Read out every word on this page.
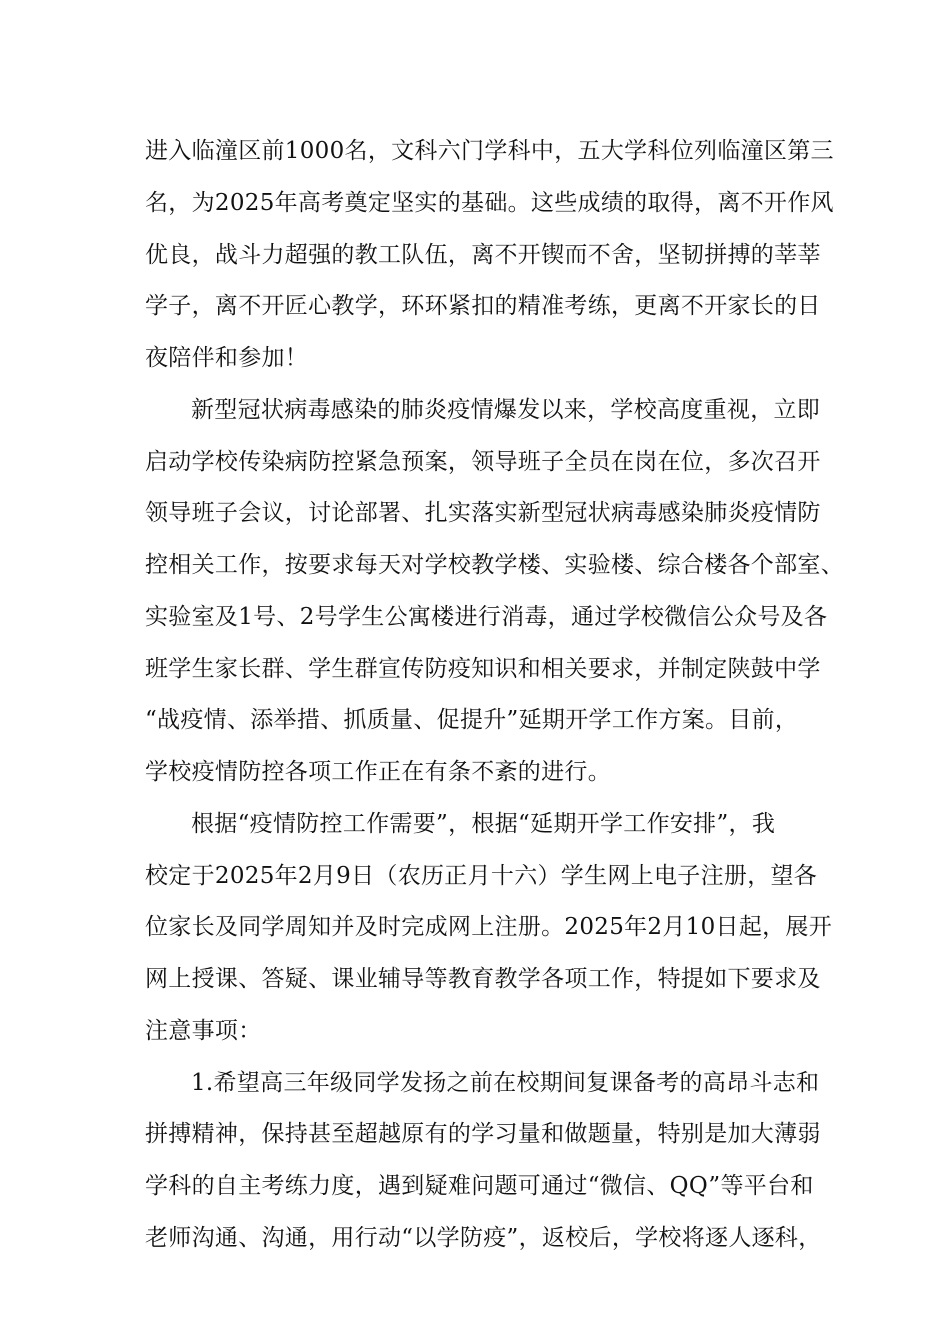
进入临潼区前1000名，文科六门学科中，五大学科位列临潼区第三
名，为2025年高考奠定坚实的基础。这些成绩的取得，离不开作风
优良，战斗力超强的教工队伍，离不开锲而不舍，坚韧拼搏的莘莘
学子，离不开匠心教学，环环紧扣的精准考练，更离不开家长的日
夜陪伴和参加！
新型冠状病毒感染的肺炎疫情爆发以来，学校高度重视，立即
启动学校传染病防控紧急预案，领导班子全员在岗在位，多次召开
领导班子会议，讨论部署、扎实落实新型冠状病毒感染肺炎疫情防
控相关工作，按要求每天对学校教学楼、实验楼、综合楼各个部室、
实验室及1号、2号学生公寓楼进行消毒，通过学校微信公众号及各
班学生家长群、学生群宣传防疫知识和相关要求，并制定陕鼓中学
“战疫情、添举措、抓质量、促提升”延期开学工作方案。目前，
学校疫情防控各项工作正在有条不紊的进行。
根据“疫情防控工作需要”，根据“延期开学工作安排”，我
校定于2025年2月9日（农历正月十六）学生网上电子注册，望各
位家长及同学周知并及时完成网上注册。2025年2月10日起，展开
网上授课、答疑、课业辅导等教育教学各项工作，特提如下要求及
注意事项：
1.希望高三年级同学发扬之前在校期间复课备考的高昂斗志和
拼搏精神，保持甚至超越原有的学习量和做题量，特别是加大薄弱
学科的自主考练力度，遇到疑难问题可通过“微信、QQ”等平台和
老师沟通、沟通，用行动“以学防疫”，返校后，学校将逐人逐科，
